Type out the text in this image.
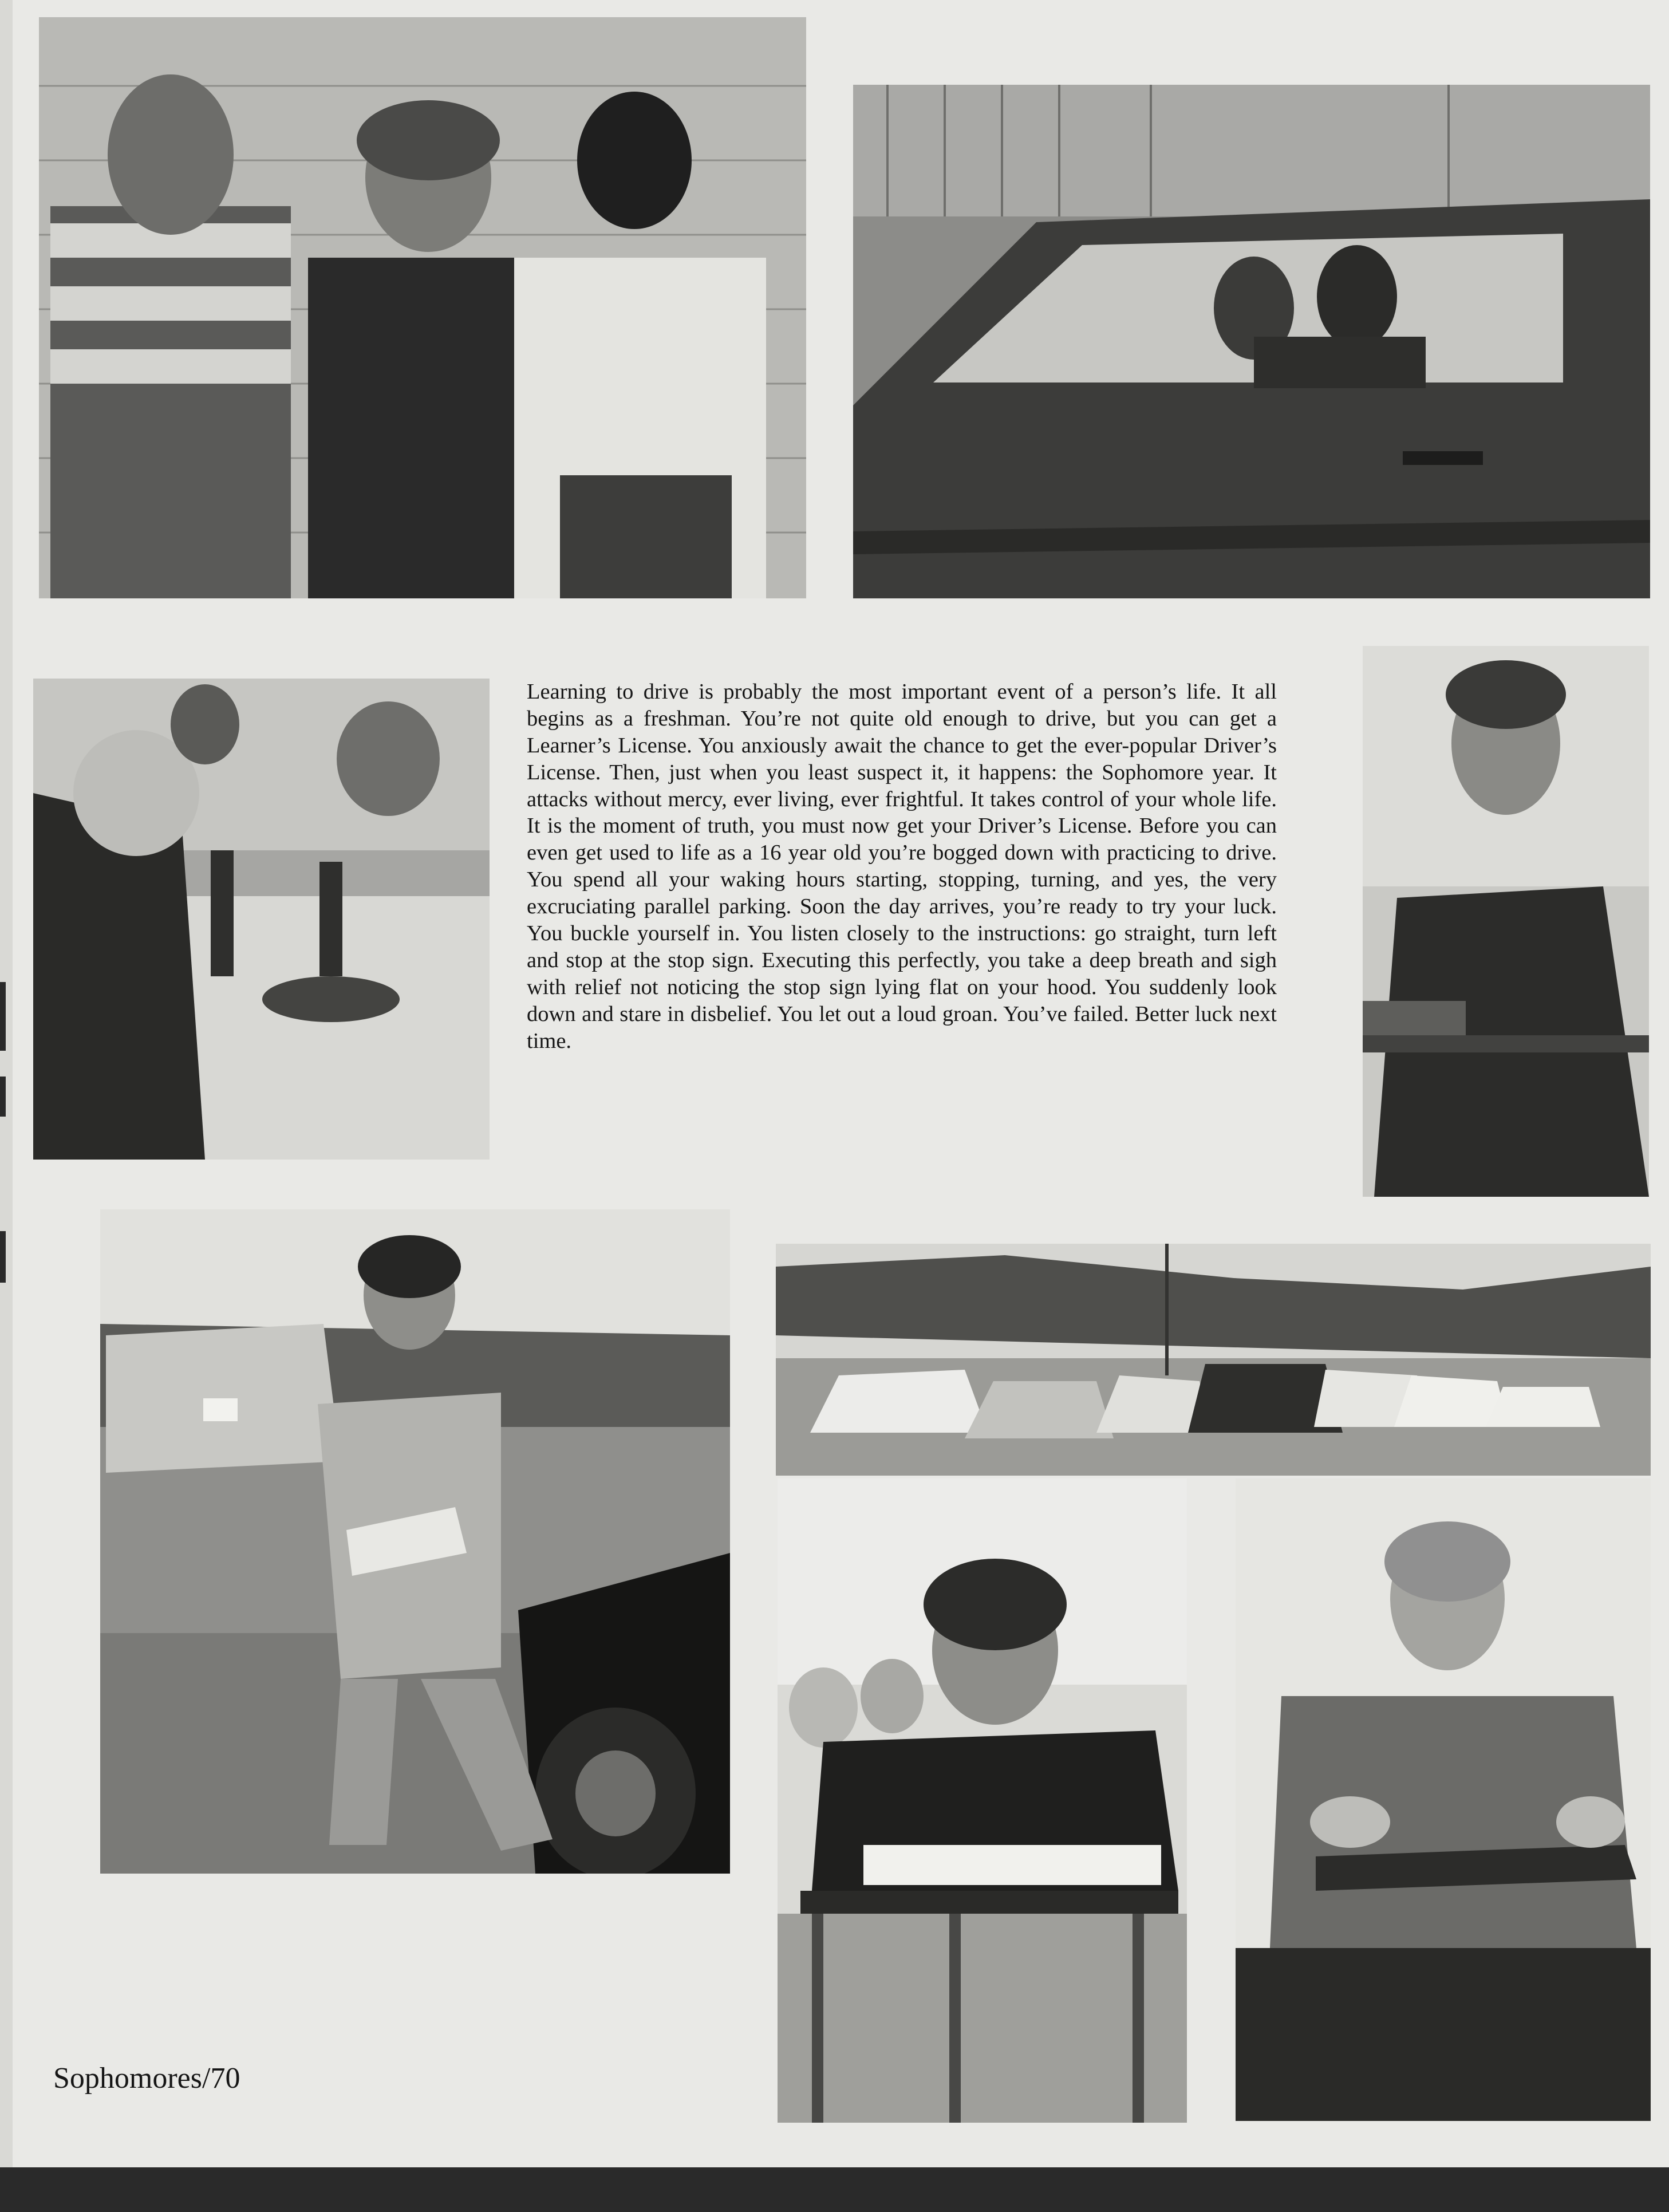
Learning to drive is probably the most important event of a person’s life. It all begins as a freshman. You’re not quite old enough to drive, but you can get a Learner’s License. You anxiously await the chance to get the ever-popular Driver’s License. Then, just when you least suspect it, it happens: the Sophomore year. It attacks without mercy, ever living, ever frightful. It takes control of your whole life. It is the moment of truth, you must now get your Driver’s License. Before you can even get used to life as a 16 year old you’re bogged down with practicing to drive. You spend all your waking hours starting, stopping, turning, and yes, the very excruciating parallel parking. Soon the day arrives, you’re ready to try your luck. You buckle yourself in. You listen closely to the instructions: go straight, turn left and stop at the stop sign. Executing this perfectly, you take a deep breath and sigh with relief not noticing the stop sign lying flat on your hood. You suddenly look down and stare in disbelief. You let out a loud groan. You’ve failed. Better luck next time.

Sophomores/70
